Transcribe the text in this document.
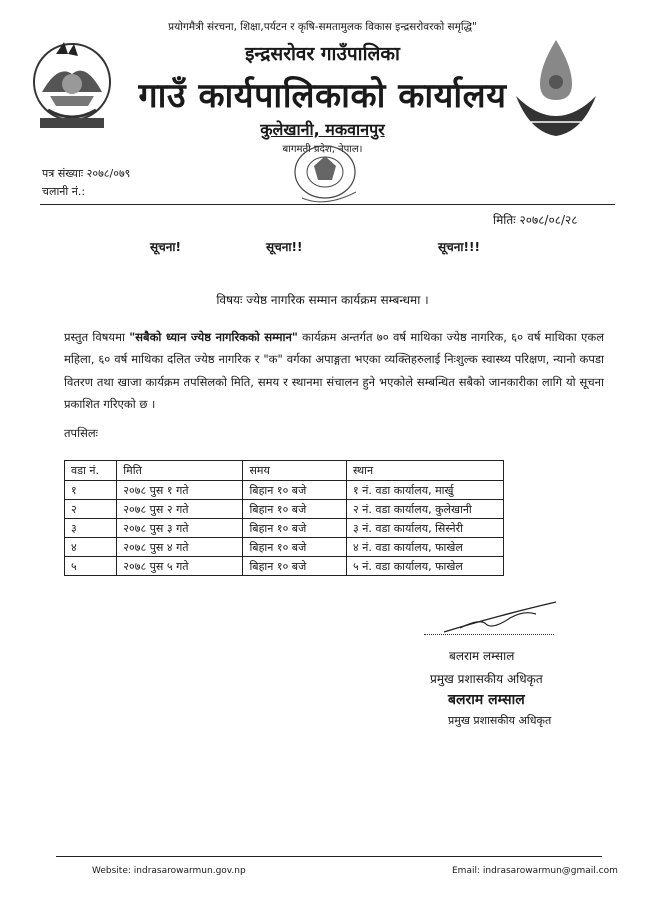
प्रयोगमैत्री संरचना, शिक्षा,पर्यटन र कृषि-समतामुलक विकास इन्द्रसरोवरको समृद्धि"
इन्द्रसरोवर गाउँपालिका
गाउँ कार्यपालिकाको कार्यालय
कुलेखानी, मकवानपुर
बागमती प्रदेश, नेपाल।
पत्र संख्याः २०७८/०७९
चलानी नं.:
मितिः २०७८/०८/२८
सूचना!	सूचना!!	सूचना!!!
विषयः ज्येष्ठ नागरिक सम्मान कार्यक्रम सम्बन्धमा ।
प्रस्तुत विषयमा "सबैको ध्यान ज्येष्ठ नागरिकको सम्मान" कार्यक्रम अन्तर्गत ७० वर्ष माथिका ज्येष्ठ नागरिक, ६० वर्ष माथिका एकल महिला, ६० वर्ष माथिका दलित ज्येष्ठ नागरिक र "क" वर्गका अपाङ्गता भएका व्यक्तिहरुलाई निःशुल्क स्वास्थ्य परिक्षण, न्यानो कपडा वितरण तथा खाजा कार्यक्रम तपसिलको मिति, समय र स्थानमा संचालन हुने भएकोले सम्बन्धित सबैको जानकारीका लागि यो सूचना प्रकाशित गरिएको छ ।
तपसिलः
वडा नं.	मिति	समय	स्थान
१	२०७८ पुस १ गते	बिहान १० बजे	१ नं. वडा कार्यालय, मार्खु
२	२०७८ पुस २ गते	बिहान १० बजे	२ नं. वडा कार्यालय, कुलेखानी
३	२०७८ पुस ३ गते	बिहान १० बजे	३ नं. वडा कार्यालय, सिस्नेरी
४	२०७८ पुस ४ गते	बिहान १० बजे	४ नं. वडा कार्यालय, फाखेल
५	२०७८ पुस ५ गते	बिहान १० बजे	५ नं. वडा कार्यालय, फाखेल
बलराम लम्साल
प्रमुख प्रशासकीय अधिकृत
बलराम लम्साल
प्रमुख प्रशासकीय अधिकृत
Website: indrasarowarmun.gov.np	Email: indrasarowarmun@gmail.com
